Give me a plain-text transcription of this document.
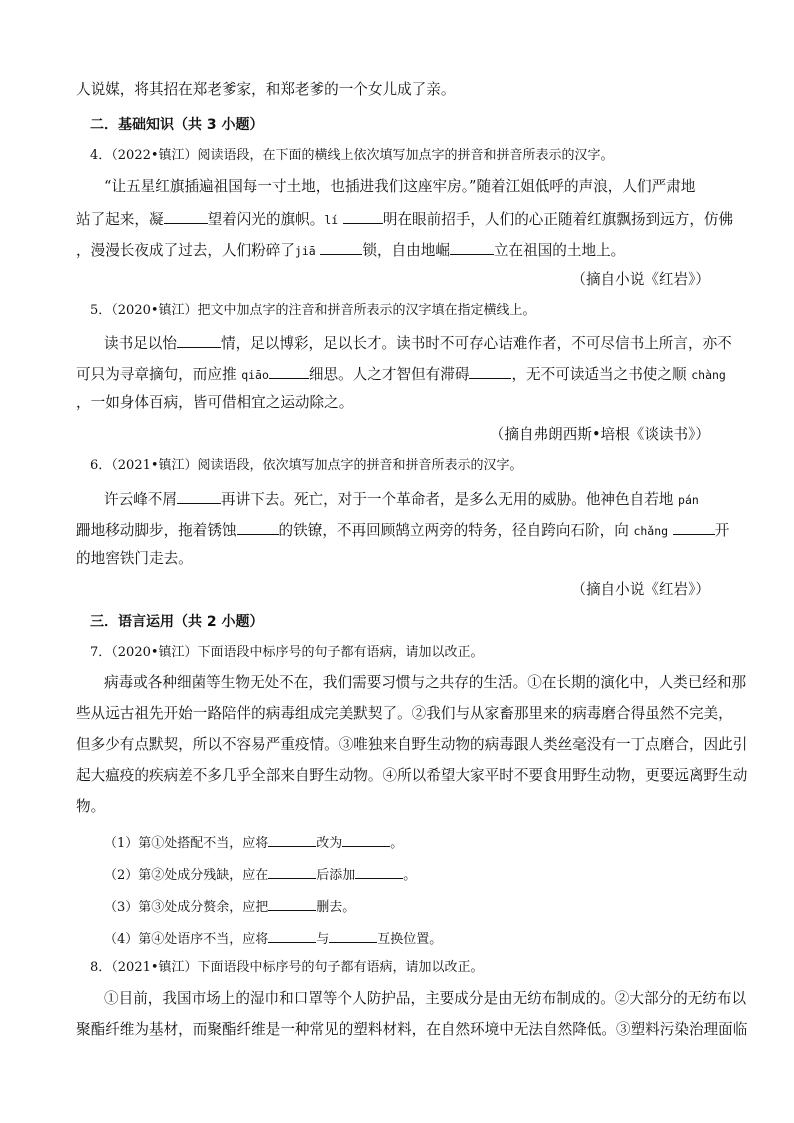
人说媒，将其招在郑老爹家，和郑老爹的一个女儿成了亲。
二．基础知识（共 3 小题）
4．（2022•镇江）阅读语段，在下面的横线上依次填写加点字的拼音和拼音所表示的汉字。
“让五星红旗插遍祖国每一寸土地，也插进我们这座牢房。”随着江姐低呼的声浪，人们严肃地
站了起来，凝	望着闪光的旗帜。lí	明在眼前招手，人们的心正随着红旗飘扬到远方，仿佛
，漫漫长夜成了过去，人们粉碎了jiā	锁，自由地崛	立在祖国的土地上。
（摘自小说《红岩》）
5．（2020•镇江）把文中加点字的注音和拼音所表示的汉字填在指定横线上。
读书足以怡	情，足以博彩，足以长才。读书时不可存心诘难作者，不可尽信书上所言，亦不
可只为寻章摘句，而应推 qiāo	细思。人之才智但有滞碍	，无不可读适当之书使之顺 chàng
，一如身体百病，皆可借相宜之运动除之。
（摘自弗朗西斯•培根《谈读书》）
6．（2021•镇江）阅读语段，依次填写加点字的拼音和拼音所表示的汉字。
许云峰不屑	再讲下去。死亡，对于一个革命者，是多么无用的威胁。他神色自若地 pán
跚地移动脚步，拖着锈蚀	的铁镣，不再回顾鹄立两旁的特务，径自跨向石阶，向 chǎng	开
的地窖铁门走去。
（摘自小说《红岩》）
三．语言运用（共 2 小题）
7．（2020•镇江）下面语段中标序号的句子都有语病，请加以改正。
病毒或各种细菌等生物无处不在，我们需要习惯与之共存的生活。①在长期的演化中，人类已经和那
些从远古祖先开始一路陪伴的病毒组成完美默契了。②我们与从家畜那里来的病毒磨合得虽然不完美，
但多少有点默契，所以不容易严重疫情。③唯独来自野生动物的病毒跟人类丝毫没有一丁点磨合，因此引
起大瘟疫的疾病差不多几乎全部来自野生动物。④所以希望大家平时不要食用野生动物，更要远离野生动
物。
（1）第①处搭配不当，应将	改为	。
（2）第②处成分残缺，应在	后添加	。
（3）第③处成分赘余，应把	删去。
（4）第④处语序不当，应将	与	互换位置。
8．（2021•镇江）下面语段中标序号的句子都有语病，请加以改正。
①目前，我国市场上的湿巾和口罩等个人防护品，主要成分是由无纺布制成的。②大部分的无纺布以
聚酯纤维为基材，而聚酯纤维是一种常见的塑料材料，在自然环境中无法自然降低。③塑料污染治理面临
